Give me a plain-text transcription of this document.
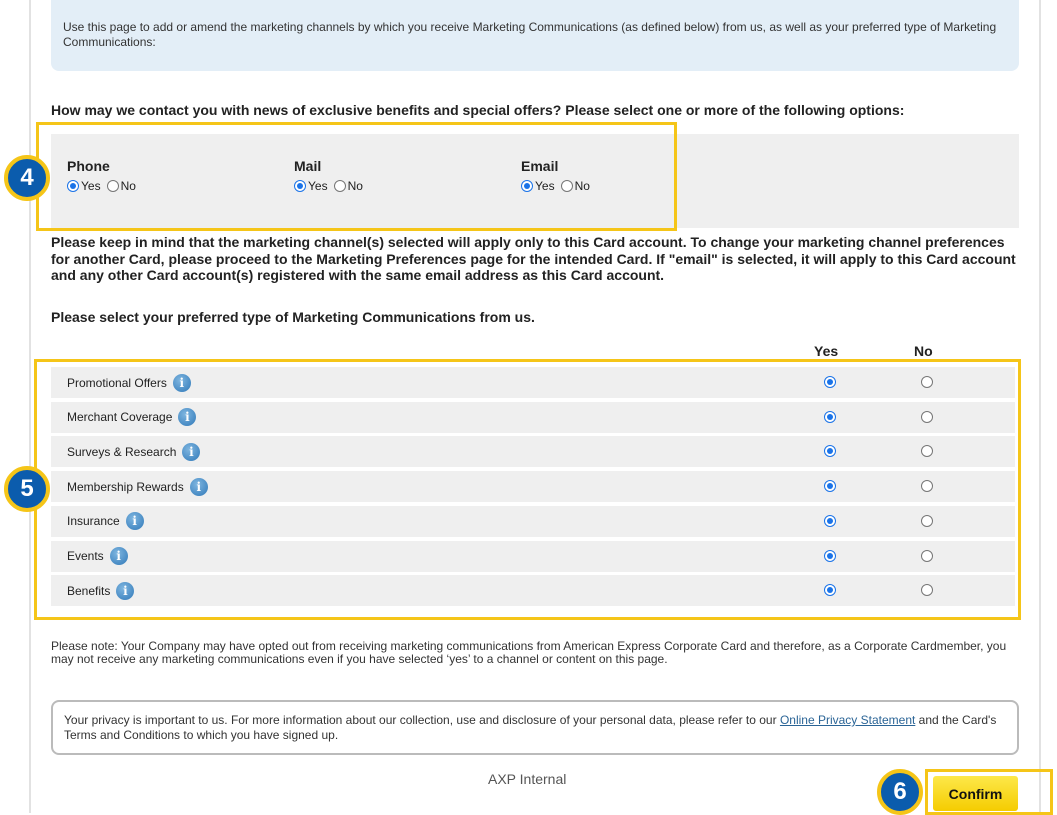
Use this page to add or amend the marketing channels by which you receive Marketing Communications (as defined below) from us, as well as your preferred type of Marketing Communications:
How may we contact you with news of exclusive benefits and special offers? Please select one or more of the following options:
Phone
Yes No
Mail
Yes No
Email
Yes No
4
Please keep in mind that the marketing channel(s) selected will apply only to this Card account. To change your marketing channel preferences for another Card, please proceed to the Marketing Preferences page for the intended Card. If "email" is selected, it will apply to this Card account and any other Card account(s) registered with the same email address as this Card account.
Please select your preferred type of Marketing Communications from us.
Yes	No
Promotional Offers	i
Merchant Coverage	i
Surveys & Research	i
Membership Rewards	i
Insurance	i
Events	i
Benefits	i
5
Please note: Your Company may have opted out from receiving marketing communications from American Express Corporate Card and therefore, as a Corporate Cardmember, you may not receive any marketing communications even if you have selected ‘yes’ to a channel or content on this page.
Your privacy is important to us. For more information about our collection, use and disclosure of your personal data, please refer to our Online Privacy Statement and the Card's Terms and Conditions to which you have signed up.
AXP Internal
Confirm
6
